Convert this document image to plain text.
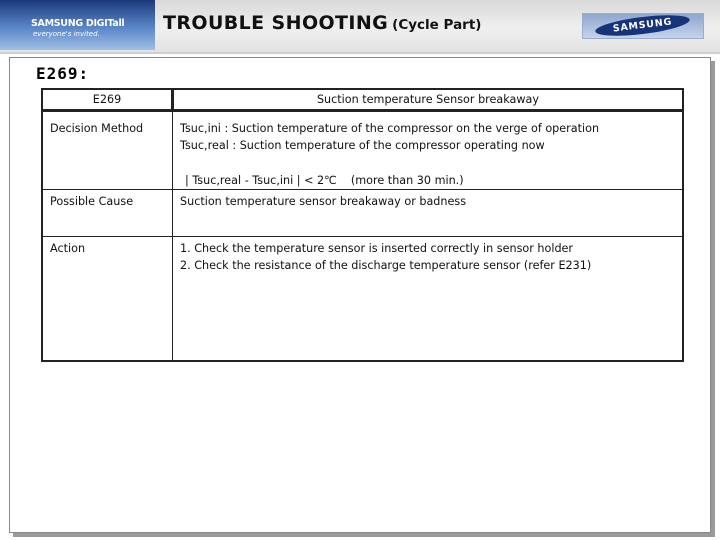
SAMSUNG DIGITall
everyone's invited.	TROUBLE SHOOTING (Cycle Part)	SAMSUNG
E269:
E269	Suction temperature Sensor breakaway
Decision Method	Tsuc,ini : Suction temperature of the compressor on the verge of operation
Tsuc,real : Suction temperature of the compressor operating now
| Tsuc,real - Tsuc,ini | < 2℃    (more than 30 min.)
Possible Cause	Suction temperature sensor breakaway or badness
Action	1. Check the temperature sensor is inserted correctly in sensor holder
2. Check the resistance of the discharge temperature sensor (refer E231)
